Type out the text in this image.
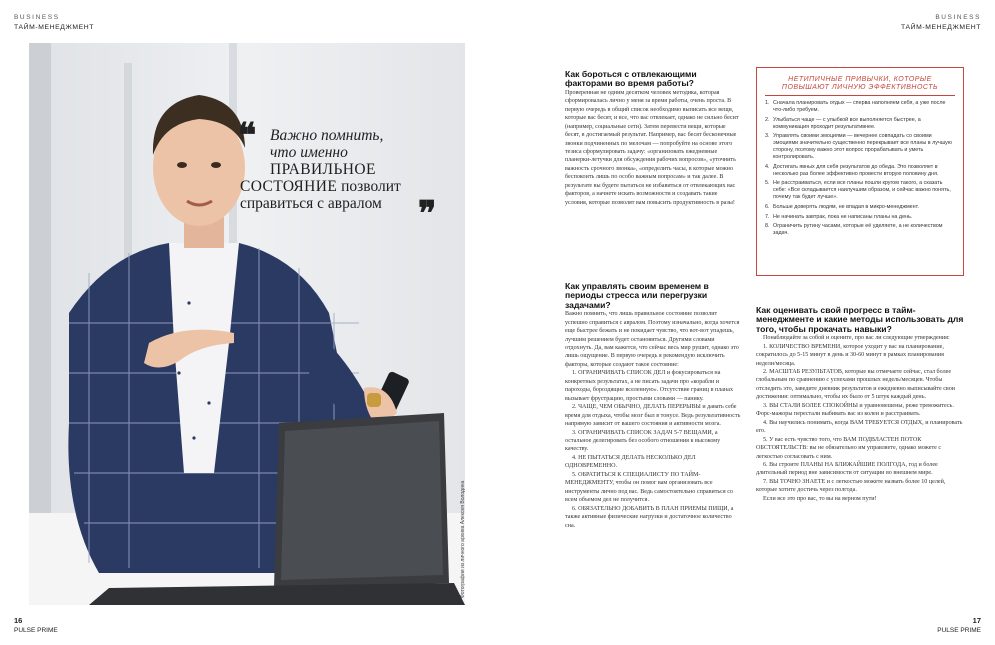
BUSINESS
ТАЙМ-МЕНЕДЖМЕНТ
BUSINESS
ТАЙМ-МЕНЕДЖМЕНТ
Фотографии из личного архива Алексея Володина
❝ Важно помнить,
что именно
ПРАВИЛЬНОЕ
СОСТОЯНИЕ позволит
справиться с авралом	❞
16
PULSE PRIME
17
PULSE PRIME
Как бороться с отвлекающими факторами во время работы?

Проверенная не одним десятком человек методика, которая сформировалась лично у меня за время работы, очень проста. В первую очередь в общий список необходимо выписать все вещи, которые вас бесят, и все, что вас отвлекает, однако не сильно бесит (например, социальные сети). Затем перевести вещи, которые бесят, в достигаемый результат. Например, вас бесят бесконечные звонки подчиненных по мелочам — попробуйте на основе этого тезиса сформулировать задачу: «организовать ежедневные планерки-летучки для обсуждения рабочих вопросов», «уточнить важность срочного звонка», «определить часы, в которые можно беспокоить лишь по особо важным вопросам» и так далее. В результате вы будете пытаться не избавиться от отвлекающих вас факторов, а начнете искать возможности и создавать такие условия, которые позволят вам повысить продуктивность в разы!

Как управлять своим временем в периоды стресса или перегрузки задачами?

Важно помнить, что лишь правильное состояние позволит успешно справиться с авралом. Поэтому изначально, когда хочется еще быстрее бежать и не покидает чувство, что вот-вот упадешь, лучшим решением будет остановиться. Другими словами отдохнуть. Да, вам кажется, что сейчас весь мир рушит, однако это лишь ощущение. В первую очередь я рекомендую исключить факторы, которые создают такое состояние:

1. ОГРАНИЧИВАТЬ СПИСОК ДЕЛ и фокусироваться на конкретных результатах, а не писать задачи про «корабли и пароходы, бороздящие вселенную». Отсутствие границ в планах вызывает фрустрацию, простыми словами — панику.

2. ЧАЩЕ, ЧЕМ ОБЫЧНО, ДЕЛАТЬ ПЕРЕРЫВЫ и давать себе время для отдыха, чтобы мозг был в тонусе. Ведь результативность напрямую зависит от вашего состояния и активности мозга.

3. ОГРАНИЧИВАТЬ СПИСОК ЗАДАЧ 5-7 ВЕЩАМИ, а остальное делегировать без особого отношения к высокому качеству.

4. НЕ ПЫТАТЬСЯ ДЕЛАТЬ НЕСКОЛЬКО ДЕЛ ОДНОВРЕМЕННО.

5. ОБРАТИТЬСЯ К СПЕЦИАЛИСТУ ПО ТАЙМ-МЕНЕДЖМЕНТУ, чтобы он помог вам организовать все инструменты лично под вас. Ведь самостоятельно справиться со всем объемом дел не получится.

6. ОБЯЗАТЕЛЬНО ДОБАВИТЬ В ПЛАН ПРИЕМЫ ПИЩИ, а также активные физические нагрузки и достаточное количество сна.

НЕТИПИЧНЫЕ ПРИВЫЧКИ, КОТОРЫЕ ПОВЫШАЮТ ЛИЧНУЮ ЭФФЕКТИВНОСТЬ
1. Сначала планировать отдых — сперва наполняем себя, а уже после что-либо требуем.
2. Улыбаться чаще — с улыбкой все выполняется быстрее, а коммуникация проходит результативнее.
3. Управлять своими эмоциями — вечернее совпадать со своими эмоциями значительно существенно перекрывает все планы в лучшую сторону, поэтому важно этот вопрос прорабатывать и уметь контролировать.
4. Достигать явных для себя результатов до обеда. Это позволяет в несколько раз более эффективно провести вторую половину дня.
5. Не расстраиваться, если все планы пошли кругом такого, а сказать себе: «Все складывается наилучшим образом, и сейчас важно понять, почему так будет лучше».
6. Больше доверять людям, не впадая в микро-менеджмент.
7. Не начинать завтрак, пока не написаны планы на день.
8. Ограничить рутину часами, которые её уделяете, а не количеством задач.
Как оценивать свой прогресс в тайм-менеджменте и какие методы использовать для того, чтобы прокачать навыки?

Понаблюдайте за собой и оцените, про вас ли следующие утверждения:

1. КОЛИЧЕСТВО ВРЕМЕНИ, которое уходит у вас на планирование, сократилось до 5-15 минут в день и 30-60 минут в рамках планирования недели/месяца.

2. МАСШТАБ РЕЗУЛЬТАТОВ, которые вы отмечаете сейчас, стал более глобальным по сравнению с успехами прошлых недель/месяцев. Чтобы отследить это, заведите дневник результатов и ежедневно выписывайте свои достижения: оптимально, чтобы их было от 5 штук каждый день.

3. ВЫ СТАЛИ БОЛЕЕ СПОКОЙНЫ и уравновешены, реже тревожитесь. Форс-мажоры перестали выбивать вас из колеи и расстраивать.

4. Вы научились понимать, когда ВАМ ТРЕБУЕТСЯ ОТДЫХ, и планировать его.

5. У вас есть чувство того, что ВАМ ПОДВЛАСТЕН ПОТОК ОБСТОЯТЕЛЬСТВ: вы не обязательно им управляете, однако можете с легкостью согласовать с ним.

6. Вы строите ПЛАНЫ НА БЛИЖАЙШИЕ ПОЛГОДА, год и более длительный период вне зависимости от ситуации во внешнем мире.

7. ВЫ ТОЧНО ЗНАЕТЕ и с легкостью можете назвать более 10 целей, которые хотите достичь через полгода.

Если все это про вас, то вы на верном пути!
